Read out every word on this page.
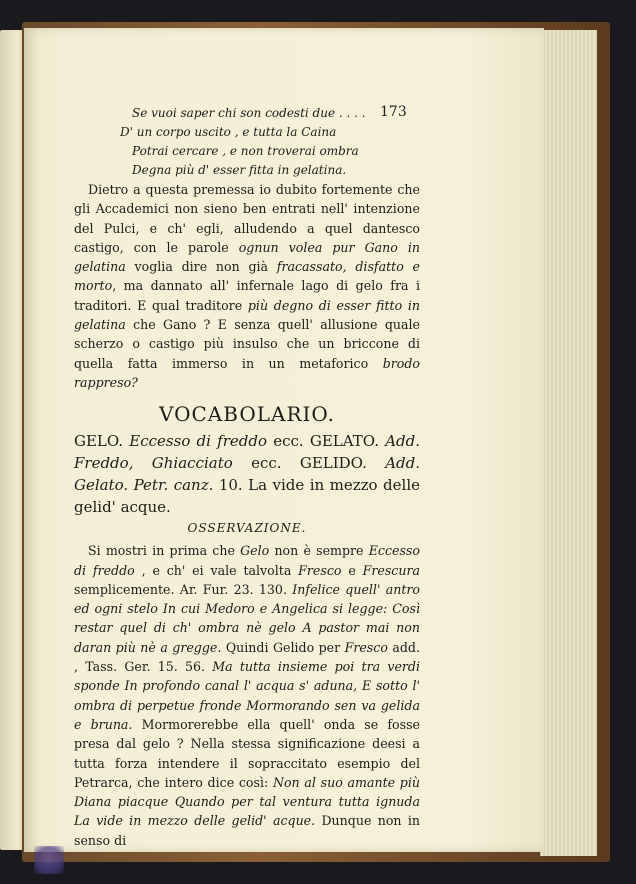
173
Se vuoi saper chi son codesti due . . . .
D' un corpo uscito , e tutta la Caina
Potrai cercare , e non troverai ombra
Degna più d' esser fitta in gelatina.

Dietro a questa premessa io dubito fortemente che gli Accademici non sieno ben entrati nell' intenzione del Pulci, e ch' egli, alludendo a quel dantesco castigo, con le parole ognun volea pur Gano in gelatina voglia dire non già fracassato, disfatto e morto, ma dannato all' infernale lago di gelo fra i traditori. E qual traditore più degno di esser fitto in gelatina che Gano ? E senza quell' allusione quale scherzo o castigo più insulso che un briccone di quella fatta immerso in un metaforico brodo rappreso?

VOCABOLARIO.

GELO. Eccesso di freddo ecc. GELATO. Add. Freddo, Ghiacciato ecc. GELIDO. Add. Gelato. Petr. canz. 10. La vide in mezzo delle gelid' acque.

OSSERVAZIONE.

Si mostri in prima che Gelo non è sempre Eccesso di freddo , e ch' ei vale talvolta Fresco e Frescura semplicemente. Ar. Fur. 23. 130. Infelice quell' antro ed ogni stelo In cui Medoro e Angelica si legge: Così restar quel di ch' ombra nè gelo A pastor mai non daran più nè a gregge. Quindi Gelido per Fresco add. , Tass. Ger. 15. 56. Ma tutta insieme poi tra verdi sponde In profondo canal l' acqua s' aduna, E sotto l' ombra di perpetue fronde Mormorando sen va gelida e bruna. Mormorerebbe ella quell' onda se fosse presa dal gelo ? Nella stessa significazione deesi a tutta forza intendere il sopraccitato esempio del Petrarca, che intero dice così: Non al suo amante più Diana piacque Quando per tal ventura tutta ignuda La vide in mezzo delle gelid' acque. Dunque non in senso di
